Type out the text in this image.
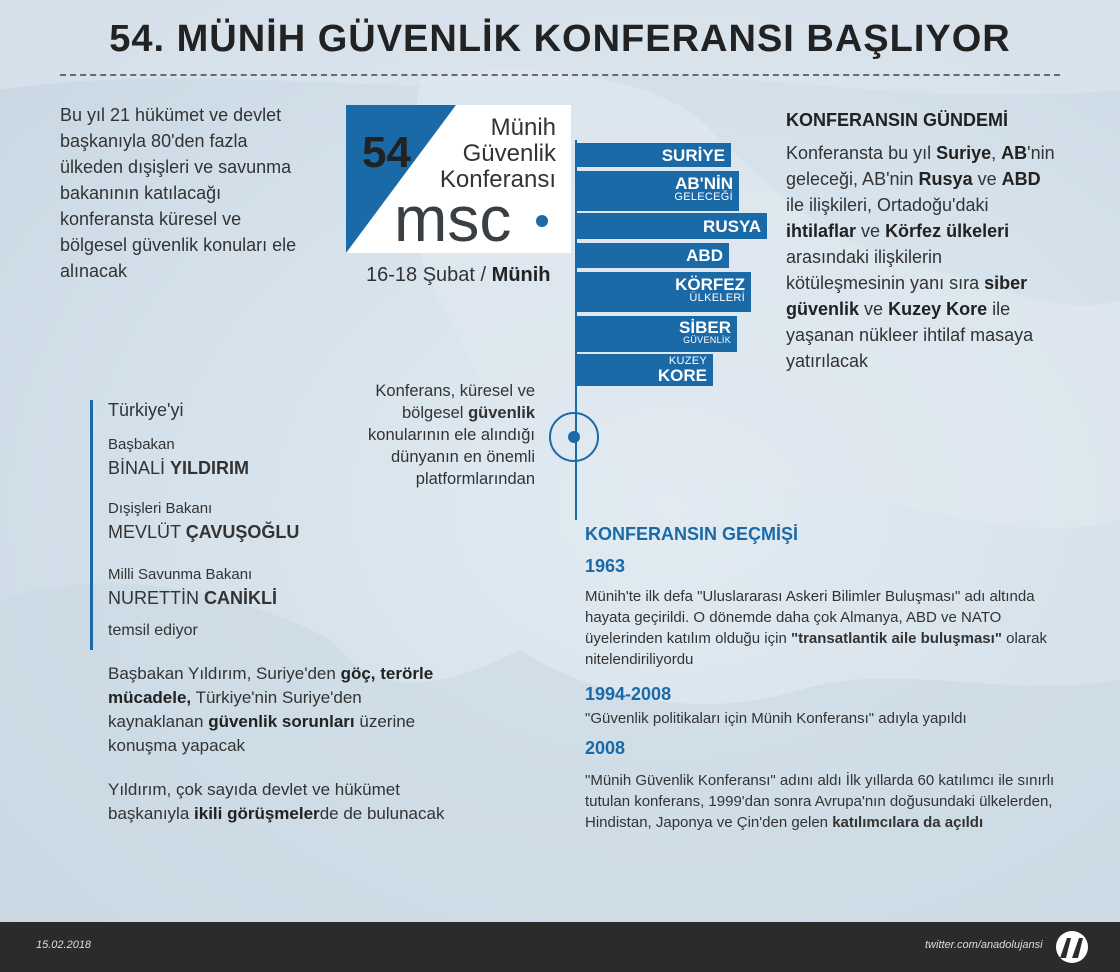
54. MÜNİH GÜVENLİK KONFERANSI BAŞLIYOR
Bu yıl 21 hükümet ve devlet başkanıyla 80'den fazla ülkeden dışişleri ve savunma bakanının katılacağı konferansta küresel ve bölgesel güvenlik konuları ele alınacak
54
Münih
Güvenlik
Konferansı
msc
16-18 Şubat / Münih
SURİYE
AB'NİN
GELECEĞİ
RUSYA
ABD
KÖRFEZ
ÜLKELERİ
SİBER
GÜVENLİK
KUZEY
KORE
Konferans, küresel ve bölgesel güvenlik konularının ele alındığı dünyanın en önemli platformlarından
KONFERANSIN GÜNDEMİ
Konferansta bu yıl Suriye, AB'nin geleceği, AB'nin Rusya ve ABD ile ilişkileri, Ortadoğu'daki ihtilaflar ve Körfez ülkeleri arasındaki ilişkilerin kötüleşmesinin yanı sıra siber güvenlik ve Kuzey Kore ile yaşanan nükleer ihtilaf masaya yatırılacak
Türkiye'yi
Başbakan
BİNALİ YILDIRIM
Dışişleri Bakanı
MEVLÜT ÇAVUŞOĞLU
Milli Savunma Bakanı
NURETTİN CANİKLİ
temsil ediyor
Başbakan Yıldırım, Suriye'den göç, terörle mücadele, Türkiye'nin Suriye'den kaynaklanan güvenlik sorunları üzerine konuşma yapacak
Yıldırım, çok sayıda devlet ve hükümet başkanıyla ikili görüşmelerde de bulunacak
KONFERANSIN GEÇMİŞİ
1963
Münih'te ilk defa "Uluslararası Askeri Bilimler Buluşması" adı altında hayata geçirildi. O dönemde daha çok Almanya, ABD ve NATO üyelerinden katılım olduğu için "transatlantik aile buluşması" olarak nitelendiriliyordu
1994-2008
"Güvenlik politikaları için Münih Konferansı" adıyla yapıldı
2008
"Münih Güvenlik Konferansı" adını aldı İlk yıllarda 60 katılımcı ile sınırlı tutulan konferans, 1999'dan sonra Avrupa'nın doğusundaki ülkelerden, Hindistan, Japonya ve Çin'den gelen katılımcılara da açıldı
15.02.2018	twitter.com/anadolujansi
